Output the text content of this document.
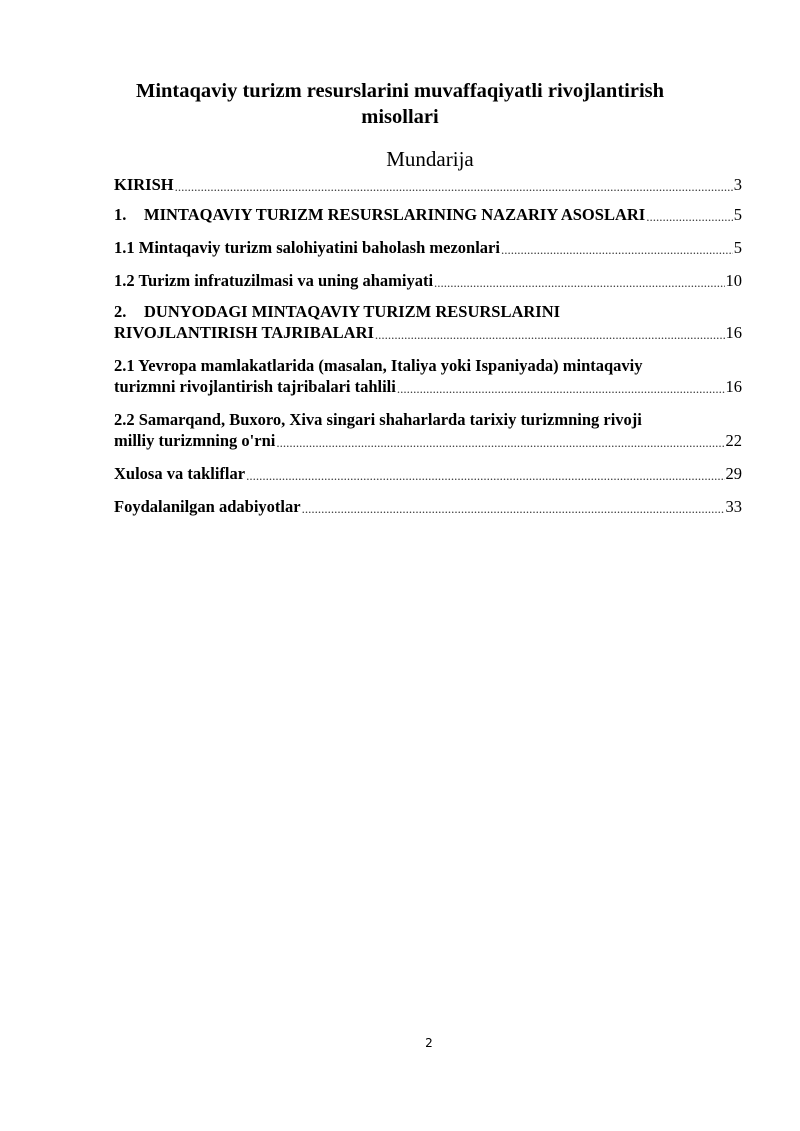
Mintaqaviy turizm resurslarini muvaffaqiyatli rivojlantirish
misollari
Mundarija
KIRISH .....	3
1. MINTAQAVIY TURIZM RESURSLARINING NAZARIY ASOSLARI .....	5
1.1 Mintaqaviy turizm salohiyatini baholash mezonlari .....	5
1.2 Turizm infratuzilmasi va uning ahamiyati .....	10
2. DUNYODAGI MINTAQAVIY TURIZM RESURSLARINI
RIVOJLANTIRISH TAJRIBALARI .....	16
2.1 Yevropa mamlakatlarida (masalan, Italiya yoki Ispaniyada) mintaqaviy
turizmni rivojlantirish tajribalari tahlili .....	16
2.2 Samarqand, Buxoro, Xiva singari shaharlarda tarixiy turizmning rivoji
milliy turizmning o'rni .....	22
Xulosa va takliflar .....	29
Foydalanilgan adabiyotlar .....	33
2
